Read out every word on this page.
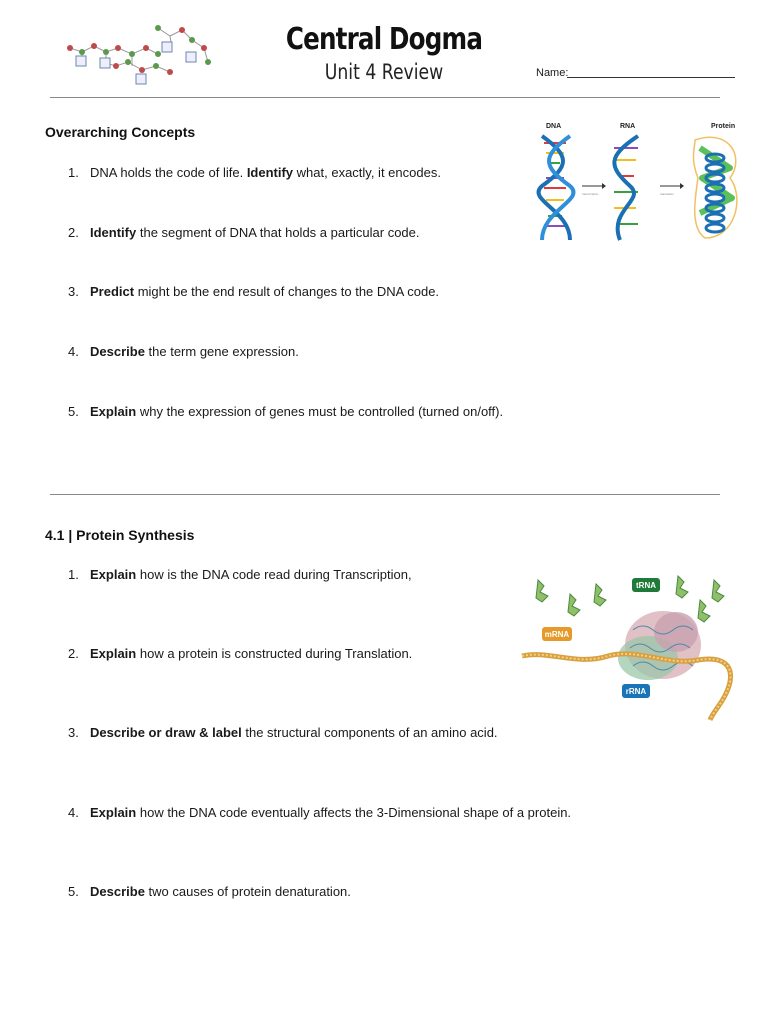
Central Dogma
Unit 4 Review	Name:
Overarching Concepts
1. DNA holds the code of life. Identify what, exactly, it encodes.
2. Identify the segment of DNA that holds a particular code.
3. Predict might be the end result of changes to the DNA code.
4. Describe the term gene expression.
5. Explain why the expression of genes must be controlled (turned on/off).
DNA	RNA	Protein
transcription	translation
4.1 | Protein Synthesis
1. Explain how is the DNA code read during Transcription,
2. Explain how a protein is constructed during Translation.
3. Describe or draw & label the structural components of an amino acid.
4. Explain how the DNA code eventually affects the 3-Dimensional shape of a protein.
5. Describe two causes of protein denaturation.
tRNA
mRNA
rRNA
